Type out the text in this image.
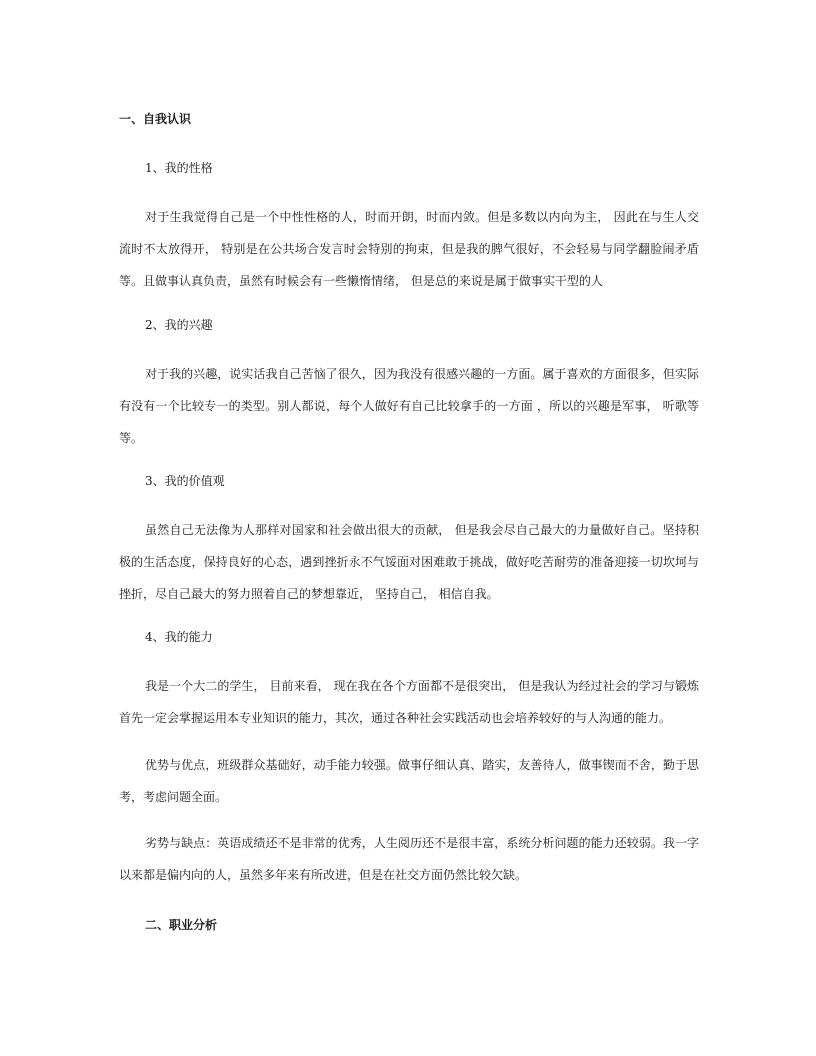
一、自我认识
1、我的性格

对于生我觉得自己是一个中性性格的人，时而开朗，时而内敛。但是多数以内向为主， 因此在与生人交流时不太放得开， 特别是在公共场合发言时会特别的拘束，但是我的脾气很好，不会轻易与同学翻脸闹矛盾等。且做事认真负责，虽然有时候会有一些懒惰情绪， 但是总的来说是属于做事实干型的人

2、我的兴趣

对于我的兴趣，说实话我自己苦恼了很久，因为我没有很感兴趣的一方面。属于喜欢的方面很多，但实际有没有一个比较专一的类型。别人都说，每个人做好有自己比较拿手的一方面 ，所以的兴趣是军事， 听歌等等。

3、我的价值观

虽然自己无法像为人那样对国家和社会做出很大的贡献， 但是我会尽自己最大的力量做好自己。坚持积极的生活态度，保持良好的心态，遇到挫折永不气馁面对困难敢于挑战，做好吃苦耐劳的准备迎接一切坎坷与挫折，尽自己最大的努力照着自己的梦想靠近， 坚持自己， 相信自我。

4、我的能力

我是一个大二的学生， 目前来看， 现在我在各个方面都不是很突出， 但是我认为经过社会的学习与锻炼首先一定会掌握运用本专业知识的能力，其次，通过各种社会实践活动也会培养较好的与人沟通的能力。

优势与优点，班级群众基础好，动手能力较强。做事仔细认真、踏实，友善待人，做事锲而不舍，勤于思考，考虑问题全面。

劣势与缺点：英语成绩还不是非常的优秀，人生阅历还不是很丰富，系统分析问题的能力还较弱。我一字以来都是偏内向的人，虽然多年来有所改进，但是在社交方面仍然比较欠缺。

二、职业分析
